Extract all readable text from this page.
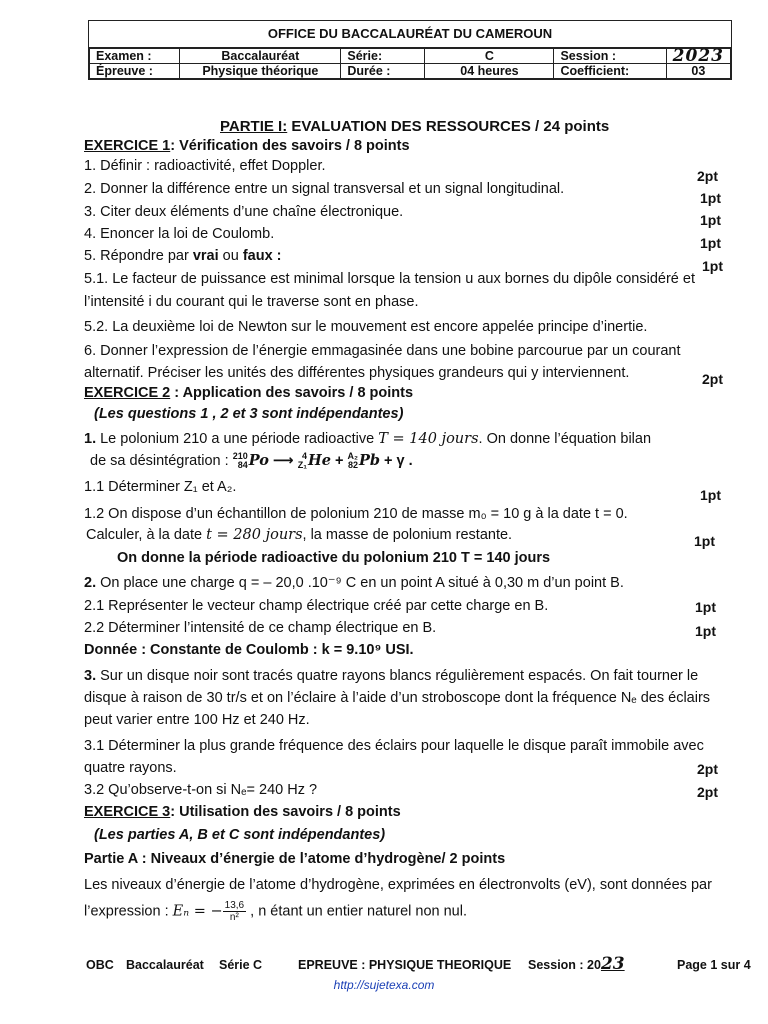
OFFICE DU BACCALAURÉAT DU CAMEROUN
Examen :	Baccalauréat	Série:	C	Session :	2023
Épreuve :	Physique théorique	Durée :	04 heures	Coefficient:	03
PARTIE I: EVALUATION DES RESSOURCES / 24 points
EXERCICE 1: Vérification des savoirs / 8 points
1. Définir : radioactivité, effet Doppler.
2. Donner la différence entre un signal transversal et un signal longitudinal.
3. Citer deux éléments d’une chaîne électronique.
4. Enoncer la loi de Coulomb.
5. Répondre par vrai ou faux :
5.1. Le facteur de puissance est minimal lorsque la tension u aux bornes du dipôle considéré et
l’intensité i du courant qui le traverse sont en phase.
5.2. La deuxième loi de Newton sur le mouvement est encore appelée principe d’inertie.
6. Donner l’expression de l’énergie emmagasinée dans une bobine parcourue par un courant
alternatif. Préciser les unités des différentes physiques grandeurs qui y interviennent.
EXERCICE 2 : Application des savoirs / 8 points
(Les questions 1 , 2 et 3 sont indépendantes)
1. Le polonium 210 a une période radioactive T = 140 jours. On donne l’équation bilan
de sa désintégration : 210
84Po ⟶ 4
Z₁He + A₂
82Pb + γ .
1.1 Déterminer Z₁ et A₂.
1.2 On dispose d’un échantillon de polonium 210 de masse m₀ = 10 g à la date t = 0.
Calculer, à la date t = 280 jours, la masse de polonium restante.
On donne la période radioactive du polonium 210 T = 140 jours
2. On place une charge q = – 20,0 .10⁻⁹ C en un point A situé à 0,30 m d’un point B.
2.1 Représenter le vecteur champ électrique créé par cette charge en B.
2.2 Déterminer l’intensité de ce champ électrique en B.
Donnée : Constante de Coulomb : k = 9.10⁹ USI.
3. Sur un disque noir sont tracés quatre rayons blancs régulièrement espacés. On fait tourner le
disque à raison de 30 tr/s et on l’éclaire à l’aide d’un stroboscope dont la fréquence Nₑ des éclairs
peut varier entre 100 Hz et 240 Hz.
3.1 Déterminer la plus grande fréquence des éclairs pour laquelle le disque paraît immobile avec
quatre rayons.
3.2 Qu’observe-t-on si Nₑ= 240 Hz ?
EXERCICE 3: Utilisation des savoirs / 8 points
(Les parties A, B et C sont indépendantes)
Partie A : Niveaux d’énergie de l’atome d’hydrogène/ 2 points
Les niveaux d’énergie de l’atome d’hydrogène, exprimées en électronvolts (eV), sont données par
l’expression : Eₙ = − $\frac{13,6}{\text{n²}}$ , n étant un entier naturel non nul.
2pt
1pt
1pt
1pt
1pt
2pt
1pt
1pt
1pt
1pt
2pt
2pt
OBC Baccalauréat Série C	EPREUVE : PHYSIQUE THEORIQUE Session : 2023	Page 1 sur 4
http://sujetexa.com
